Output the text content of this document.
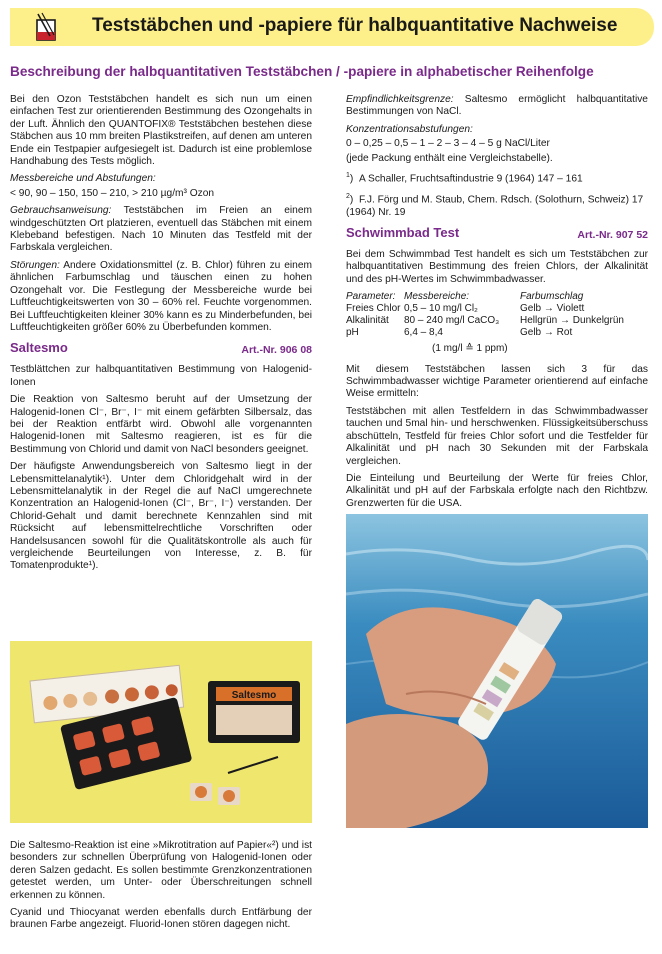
Teststäbchen und -papiere für halbquantitative Nachweise
Beschreibung der halbquantitativen Teststäbchen / -papiere in alphabetischer Reihenfolge

Bei den Ozon Teststäbchen handelt es sich nun um einen einfachen Test zur orientierenden Bestimmung des Ozongehalts in der Luft. Ähnlich den QUANTOFIX® Teststäbchen bestehen diese Stäbchen aus 10 mm breiten Plastikstreifen, auf denen am unteren Ende ein Testpapier aufgesiegelt ist. Dadurch ist eine problemlose Handhabung des Tests möglich.

Messbereiche und Abstufungen:

< 90, 90 – 150, 150 – 210, > 210 µg/m³ Ozon

Gebrauchsanweisung: Teststäbchen im Freien an einem windgeschützten Ort platzieren, eventuell das Stäbchen mit einem Klebeband befestigen. Nach 10 Minuten das Testfeld mit der Farbskala vergleichen.

Störungen: Andere Oxidationsmittel (z. B. Chlor) führen zu einem ähnlichen Farbumschlag und täuschen einen zu hohen Ozongehalt vor. Die Festlegung der Messbereiche wurde bei Luftfeuchtigkeitswerten von 30 – 60% rel. Feuchte vorgenommen. Bei Luftfeuchtigkeiten kleiner 30% kann es zu Minderbefunden, bei Luftfeuchtigkeiten größer 60% zu Überbefunden kommen.

Saltesmo	Art.-Nr. 906 08

Testblättchen zur halbquantitativen Bestimmung von Halogenid-Ionen

Die Reaktion von Saltesmo beruht auf der Umsetzung der Halogenid-Ionen Cl⁻, Br⁻, I⁻ mit einem gefärbten Silbersalz, das bei der Reaktion entfärbt wird. Obwohl alle vorgenannten Halogenid-Ionen mit Saltesmo reagieren, ist es für die Bestimmung von Chlorid und damit von NaCl besonders geeignet.

Der häufigste Anwendungsbereich von Saltesmo liegt in der Lebensmittelanalytik¹). Unter dem Chloridgehalt wird in der Lebensmittelanalytik in der Regel die auf NaCl umgerechnete Konzentration an Halogenid-Ionen (Cl⁻, Br⁻, I⁻) verstanden. Der Chlorid-Gehalt und damit berechnete Kennzahlen sind mit Rücksicht auf lebensmittelrechtliche Vorschriften oder Handelsusancen sowohl für die Qualitätskontrolle als auch für vergleichende Beurteilungen von Interesse, z. B. für Tomatenprodukte¹).

Saltesmo

Die Saltesmo-Reaktion ist eine »Mikrotitration auf Papier«²) und ist besonders zur schnellen Überprüfung von Halogenid-Ionen oder deren Salzen gedacht. Es sollen bestimmte Grenzkonzentrationen getestet werden, um Unter- oder Überschreitungen schnell erkennen zu können.

Cyanid und Thiocyanat werden ebenfalls durch Entfärbung der braunen Farbe angezeigt. Fluorid-Ionen stören dagegen nicht.

Empfindlichkeitsgrenze: Saltesmo ermöglicht halbquantitative Bestimmungen von NaCl.

Konzentrationsabstufungen:

0 – 0,25 – 0,5 – 1 – 2 – 3 – 4 – 5 g NaCl/Liter

(jede Packung enthält eine Vergleichstabelle).

$^1$)  A Schaller, Fruchtsaftindustrie 9 (1964) 147 – 161

$^2$)  F.J. Förg und M. Staub, Chem. Rdsch. (Solothurn, Schweiz) 17 (1964) Nr. 19

Schwimmbad Test	Art.-Nr. 907 52

Bei dem Schwimmbad Test handelt es sich um Teststäbchen zur halbquantitativen Bestimmung des freien Chlors, der Alkalinität und des pH-Wertes im Schwimmbadwasser.

Parameter: Messbereiche:	Farbumschlag
Freies Chlor 0,5 – 10 mg/l Cl₂	Gelb → Violett
Alkalinität	80 – 240 mg/l CaCO₃	Hellgrün → Dunkelgrün
pH	6,4 – 8,4	Gelb → Rot
(1 mg/l ≙ 1 ppm)

Mit diesem Teststäbchen lassen sich 3 für das Schwimmbadwasser wichtige Parameter orientierend auf einfache Weise ermitteln:

Teststäbchen mit allen Testfeldern in das Schwimmbadwasser tauchen und 5mal hin- und herschwenken. Flüssigkeitsüberschuss abschütteln, Testfeld für freies Chlor sofort und die Testfelder für Alkalinität und pH nach 30 Sekunden mit der Farbskala vergleichen.

Die Einteilung und Beurteilung der Werte für freies Chlor, Alkalinität und pH auf der Farbskala erfolgte nach den Richtbzw. Grenzwerten für die USA.
